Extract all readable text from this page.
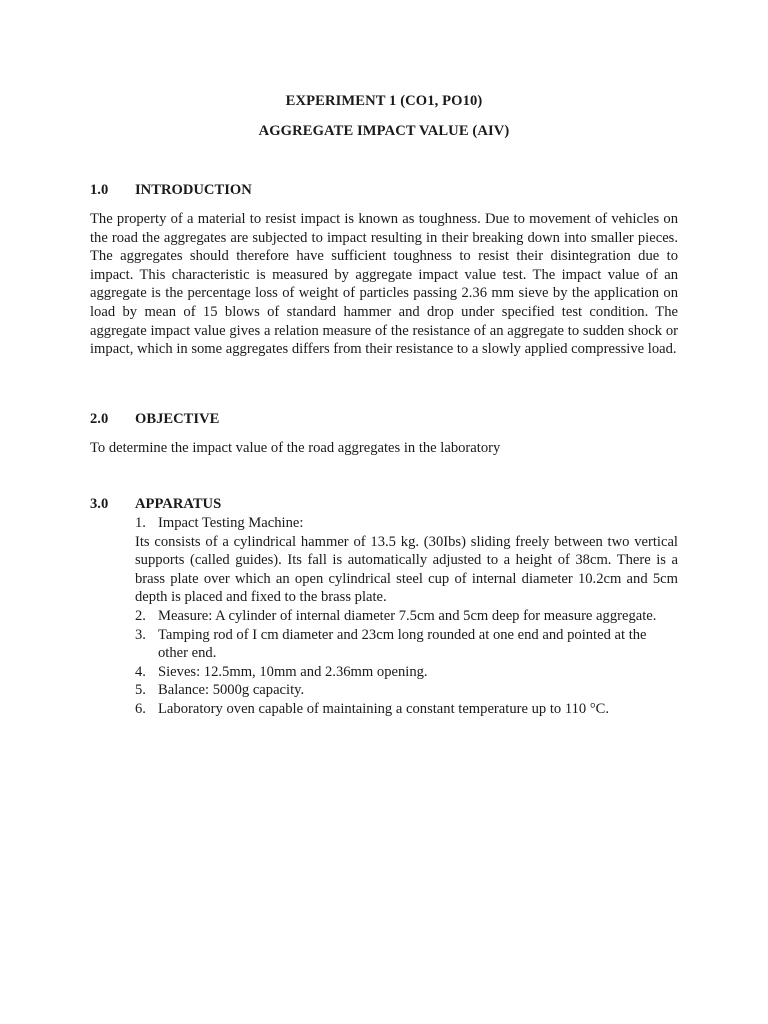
EXPERIMENT 1 (CO1, PO10)
AGGREGATE IMPACT VALUE (AIV)
1.0 INTRODUCTION
The property of a material to resist impact is known as toughness. Due to movement of vehicles on the road the aggregates are subjected to impact resulting in their breaking down into smaller pieces. The aggregates should therefore have sufficient toughness to resist their disintegration due to impact. This characteristic is measured by aggregate impact value test. The impact value of an aggregate is the percentage loss of weight of particles passing 2.36 mm sieve by the application on load by mean of 15 blows of standard hammer and drop under specified test condition. The aggregate impact value gives a relation measure of the resistance of an aggregate to sudden shock or impact, which in some aggregates differs from their resistance to a slowly applied compressive load.
2.0 OBJECTIVE
To determine the impact value of the road aggregates in the laboratory
3.0 APPARATUS
1. Impact Testing Machine:
Its consists of a cylindrical hammer of 13.5 kg. (30Ibs) sliding freely between two vertical supports (called guides). Its fall is automatically adjusted to a height of 38cm. There is a brass plate over which an open cylindrical steel cup of internal diameter 10.2cm and 5cm depth is placed and fixed to the brass plate.
2. Measure: A cylinder of internal diameter 7.5cm and 5cm deep for measure aggregate.
3. Tamping rod of I cm diameter and 23cm long rounded at one end and pointed at the other end.
4. Sieves: 12.5mm, 10mm and 2.36mm opening.
5. Balance: 5000g capacity.
6. Laboratory oven capable of maintaining a constant temperature up to 110 °C.
